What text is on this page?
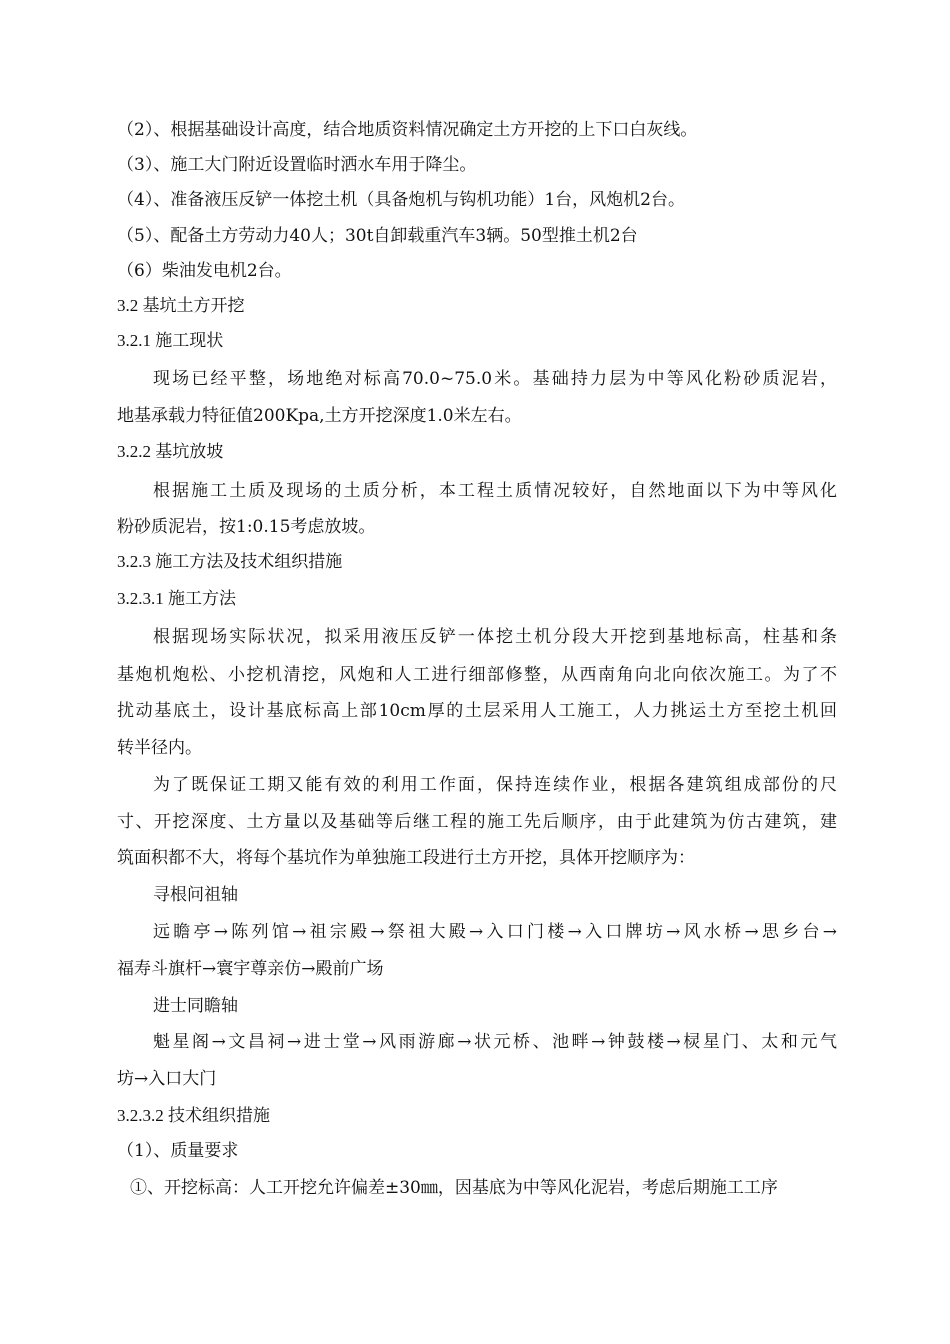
（2）、根据基础设计高度，结合地质资料情况确定土方开挖的上下口白灰线。
（3）、施工大门附近设置临时洒水车用于降尘。
（4）、准备液压反铲一体挖土机（具备炮机与钩机功能）1台，风炮机2台。
（5）、配备土方劳动力40人；30t自卸载重汽车3辆。50型推土机2台
（6）柴油发电机2台。
3.2 基坑土方开挖
3.2.1 施工现状
现场已经平整，场地绝对标高70.0~75.0米。基础持力层为中等风化粉砂质泥岩，
地基承载力特征值200Kpa,土方开挖深度1.0米左右。
3.2.2 基坑放坡
根据施工土质及现场的土质分析，本工程土质情况较好，自然地面以下为中等风化
粉砂质泥岩，按1:0.15考虑放坡。
3.2.3 施工方法及技术组织措施
3.2.3.1 施工方法
根据现场实际状况，拟采用液压反铲一体挖土机分段大开挖到基地标高，柱基和条
基炮机炮松、小挖机清挖，风炮和人工进行细部修整，从西南角向北向依次施工。为了不
扰动基底土，设计基底标高上部10cm厚的土层采用人工施工，人力挑运土方至挖土机回
转半径内。
为了既保证工期又能有效的利用工作面，保持连续作业，根据各建筑组成部份的尺
寸、开挖深度、土方量以及基础等后继工程的施工先后顺序，由于此建筑为仿古建筑，建
筑面积都不大，将每个基坑作为单独施工段进行土方开挖，具体开挖顺序为：
寻根问祖轴
远瞻亭→陈列馆→祖宗殿→祭祖大殿→入口门楼→入口牌坊→风水桥→思乡台→
福寿斗旗杆→寰宇尊亲仿→殿前广场
进士同瞻轴
魁星阁→文昌祠→进士堂→风雨游廊→状元桥、池畔→钟鼓楼→棂星门、太和元气
坊→入口大门
3.2.3.2 技术组织措施
（1）、质量要求
①、开挖标高：人工开挖允许偏差±30㎜，因基底为中等风化泥岩，考虑后期施工工序
